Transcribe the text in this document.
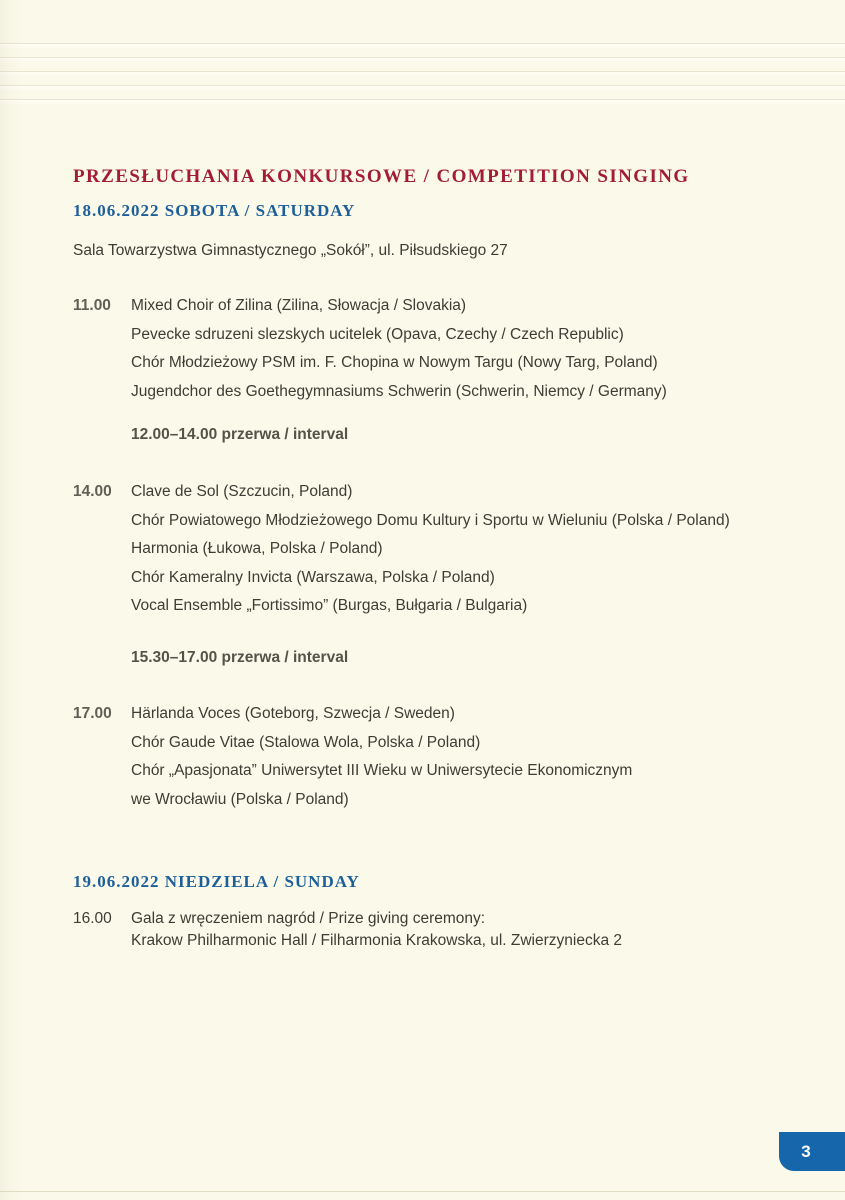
PRZESŁUCHANIA KONKURSOWE / COMPETITION SINGING
18.06.2022 SOBOTA / SATURDAY
Sala Towarzystwa Gimnastycznego „Sokół”, ul. Piłsudskiego 27
11.00	Mixed Choir of Zilina (Zilina, Słowacja / Slovakia)
Pevecke sdruzeni slezskych ucitelek (Opava, Czechy / Czech Republic)
Chór Młodzieżowy PSM im. F. Chopina w Nowym Targu (Nowy Targ, Poland)
Jugendchor des Goethegymnasiums Schwerin (Schwerin, Niemcy / Germany)
12.00–14.00 przerwa / interval
14.00	Clave de Sol (Szczucin, Poland)
Chór Powiatowego Młodzieżowego Domu Kultury i Sportu w Wieluniu (Polska / Poland)
Harmonia (Łukowa, Polska / Poland)
Chór Kameralny Invicta (Warszawa, Polska / Poland)
Vocal Ensemble „Fortissimo” (Burgas, Bułgaria / Bulgaria)
15.30–17.00 przerwa / interval
17.00	Härlanda Voces (Goteborg, Szwecja / Sweden)
Chór Gaude Vitae (Stalowa Wola, Polska / Poland)
Chór „Apasjonata” Uniwersytet III Wieku w Uniwersytecie Ekonomicznym
we Wrocławiu (Polska / Poland)
19.06.2022 NIEDZIELA / SUNDAY
16.00	Gala z wręczeniem nagród / Prize giving ceremony:
Krakow Philharmonic Hall / Filharmonia Krakowska, ul. Zwierzyniecka 2
3
